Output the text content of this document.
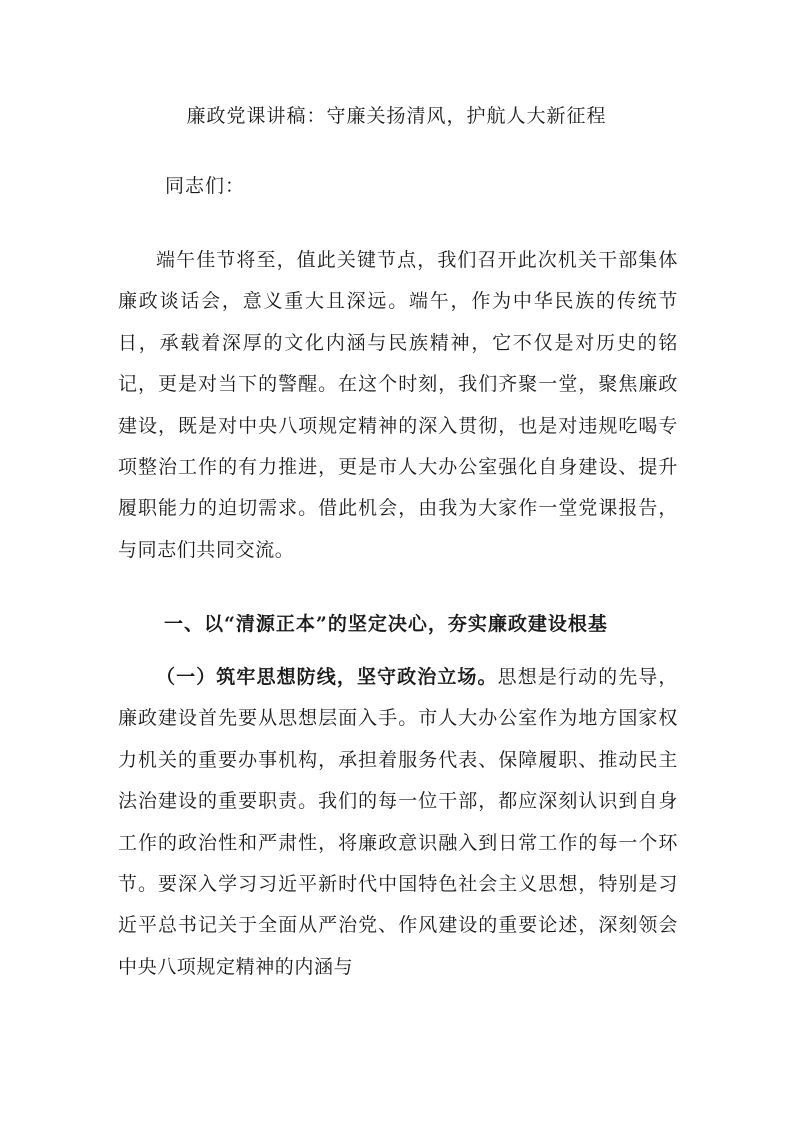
廉政党课讲稿：守廉关扬清风，护航人大新征程
同志们：

端午佳节将至，值此关键节点，我们召开此次机关干部集体廉政谈话会，意义重大且深远。端午，作为中华民族的传统节日，承载着深厚的文化内涵与民族精神，它不仅是对历史的铭记，更是对当下的警醒。在这个时刻，我们齐聚一堂，聚焦廉政建设，既是对中央八项规定精神的深入贯彻，也是对违规吃喝专项整治工作的有力推进，更是市人大办公室强化自身建设、提升履职能力的迫切需求。借此机会，由我为大家作一堂党课报告，与同志们共同交流。

一、以“清源正本”的坚定决心，夯实廉政建设根基

（一）筑牢思想防线，坚守政治立场。思想是行动的先导，廉政建设首先要从思想层面入手。市人大办公室作为地方国家权力机关的重要办事机构，承担着服务代表、保障履职、推动民主法治建设的重要职责。我们的每一位干部，都应深刻认识到自身工作的政治性和严肃性，将廉政意识融入到日常工作的每一个环节。要深入学习习近平新时代中国特色社会主义思想，特别是习近平总书记关于全面从严治党、作风建设的重要论述，深刻领会中央八项规定精神的内涵与
